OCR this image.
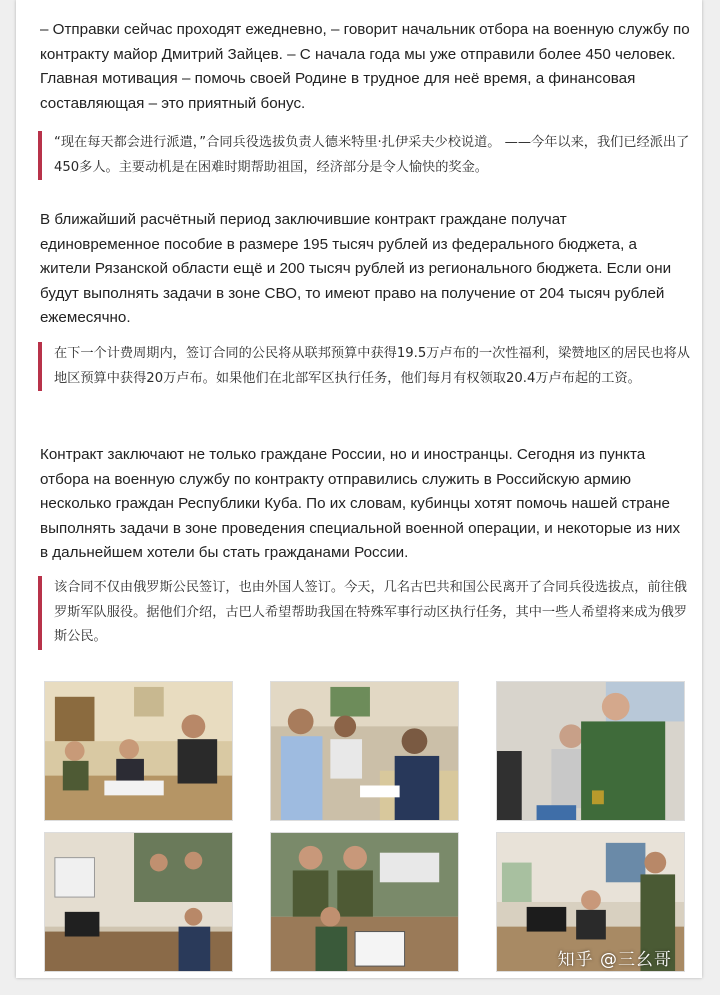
– Отправки сейчас проходят ежедневно, – говорит начальник отбора на военную службу по контракту майор Дмитрий Зайцев. – С начала года мы уже отправили более 450 человек. Главная мотивация – помочь своей Родине в трудное для неё время, а финансовая составляющая – это приятный бонус.

“现在每天都会进行派遣，”合同兵役选拔负责人德米特里·扎伊采夫少校说道。 ——今年以来，我们已经派出了450多人。主要动机是在困难时期帮助祖国，经济部分是令人愉快的奖金。

В ближайший расчётный период заключившие контракт граждане получат единовременное пособие в размере 195 тысяч рублей из федерального бюджета, а жители Рязанской области ещё и 200 тысяч рублей из регионального бюджета. Если они будут выполнять задачи в зоне СВО, то имеют право на получение от 204 тысяч рублей ежемесячно.

在下一个计费周期内，签订合同的公民将从联邦预算中获得19.5万卢布的一次性福利，梁赞地区的居民也将从地区预算中获得20万卢布。如果他们在北部军区执行任务，他们每月有权领取20.4万卢布起的工资。

Контракт заключают не только граждане России, но и иностранцы. Сегодня из пункта отбора на военную службу по контракту отправились служить в Российскую армию несколько граждан Республики Куба. По их словам, кубинцы хотят помочь нашей стране выполнять задачи в зоне проведения специальной военной операции, и некоторые из них в дальнейшем хотели бы стать гражданами России.

该合同不仅由俄罗斯公民签订，也由外国人签订。今天，几名古巴共和国公民离开了合同兵役选拔点，前往俄罗斯军队服役。据他们介绍，古巴人希望帮助我国在特殊军事行动区执行任务，其中一些人希望将来成为俄罗斯公民。
知乎 @三幺哥
